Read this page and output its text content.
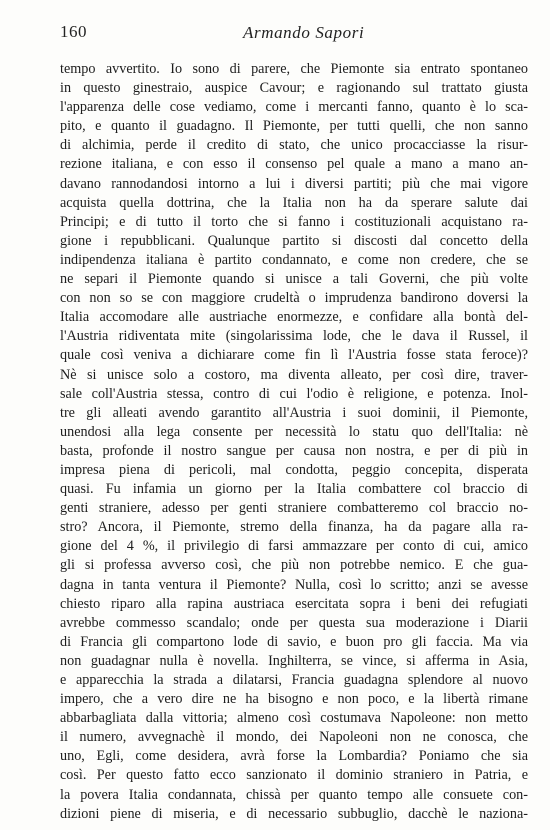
160	Armando Sapori
tempo avvertito. Io sono di parere, che Piemonte sia entrato spontaneo
in questo ginestraio, auspice Cavour; e ragionando sul trattato giusta
l'apparenza delle cose vediamo, come i mercanti fanno, quanto è lo sca-
pito, e quanto il guadagno. Il Piemonte, per tutti quelli, che non sanno
di alchimia, perde il credito di stato, che unico procacciasse la risur-
rezione italiana, e con esso il consenso pel quale a mano a mano an-
davano rannodandosi intorno a lui i diversi partiti; più che mai vigore
acquista quella dottrina, che la Italia non ha da sperare salute dai
Principi; e di tutto il torto che si fanno i costituzionali acquistano ra-
gione i repubblicani. Qualunque partito si discosti dal concetto della
indipendenza italiana è partito condannato, e come non credere, che se
ne separi il Piemonte quando si unisce a tali Governi, che più volte
con non so se con maggiore crudeltà o imprudenza bandirono doversi la
Italia accomodare alle austriache enormezze, e confidare alla bontà del-
l'Austria ridiventata mite (singolarissima lode, che le dava il Russel, il
quale così veniva a dichiarare come fin lì l'Austria fosse stata feroce)?
Nè si unisce solo a costoro, ma diventa alleato, per così dire, traver-
sale coll'Austria stessa, contro di cui l'odio è religione, e potenza. Inol-
tre gli alleati avendo garantito all'Austria i suoi dominii, il Piemonte,
unendosi alla lega consente per necessità lo statu quo dell'Italia: nè
basta, profonde il nostro sangue per causa non nostra, e per di più in
impresa piena di pericoli, mal condotta, peggio concepita, disperata
quasi. Fu infamia un giorno per la Italia combattere col braccio di
genti straniere, adesso per genti straniere combatteremo col braccio no-
stro? Ancora, il Piemonte, stremo della finanza, ha da pagare alla ra-
gione del 4 %, il privilegio di farsi ammazzare per conto di cui, amico
gli si professa avverso così, che più non potrebbe nemico. E che gua-
dagna in tanta ventura il Piemonte? Nulla, così lo scritto; anzi se avesse
chiesto riparo alla rapina austriaca esercitata sopra i beni dei refugiati
avrebbe commesso scandalo; onde per questa sua moderazione i Diarii
di Francia gli compartono lode di savio, e buon pro gli faccia. Ma via
non guadagnar nulla è novella. Inghilterra, se vince, si afferma in Asia,
e apparecchia la strada a dilatarsi, Francia guadagna splendore al nuovo
impero, che a vero dire ne ha bisogno e non poco, e la libertà rimane
abbarbagliata dalla vittoria; almeno così costumava Napoleone: non metto
il numero, avvegnachè il mondo, dei Napoleoni non ne conosca, che
uno, Egli, come desidera, avrà forse la Lombardia? Poniamo che sia
così. Per questo fatto ecco sanzionato il dominio straniero in Patria, e
la povera Italia condannata, chissà per quanto tempo alle consuete con-
dizioni piene di miseria, e di necessario subbuglio, dacchè le naziona-
